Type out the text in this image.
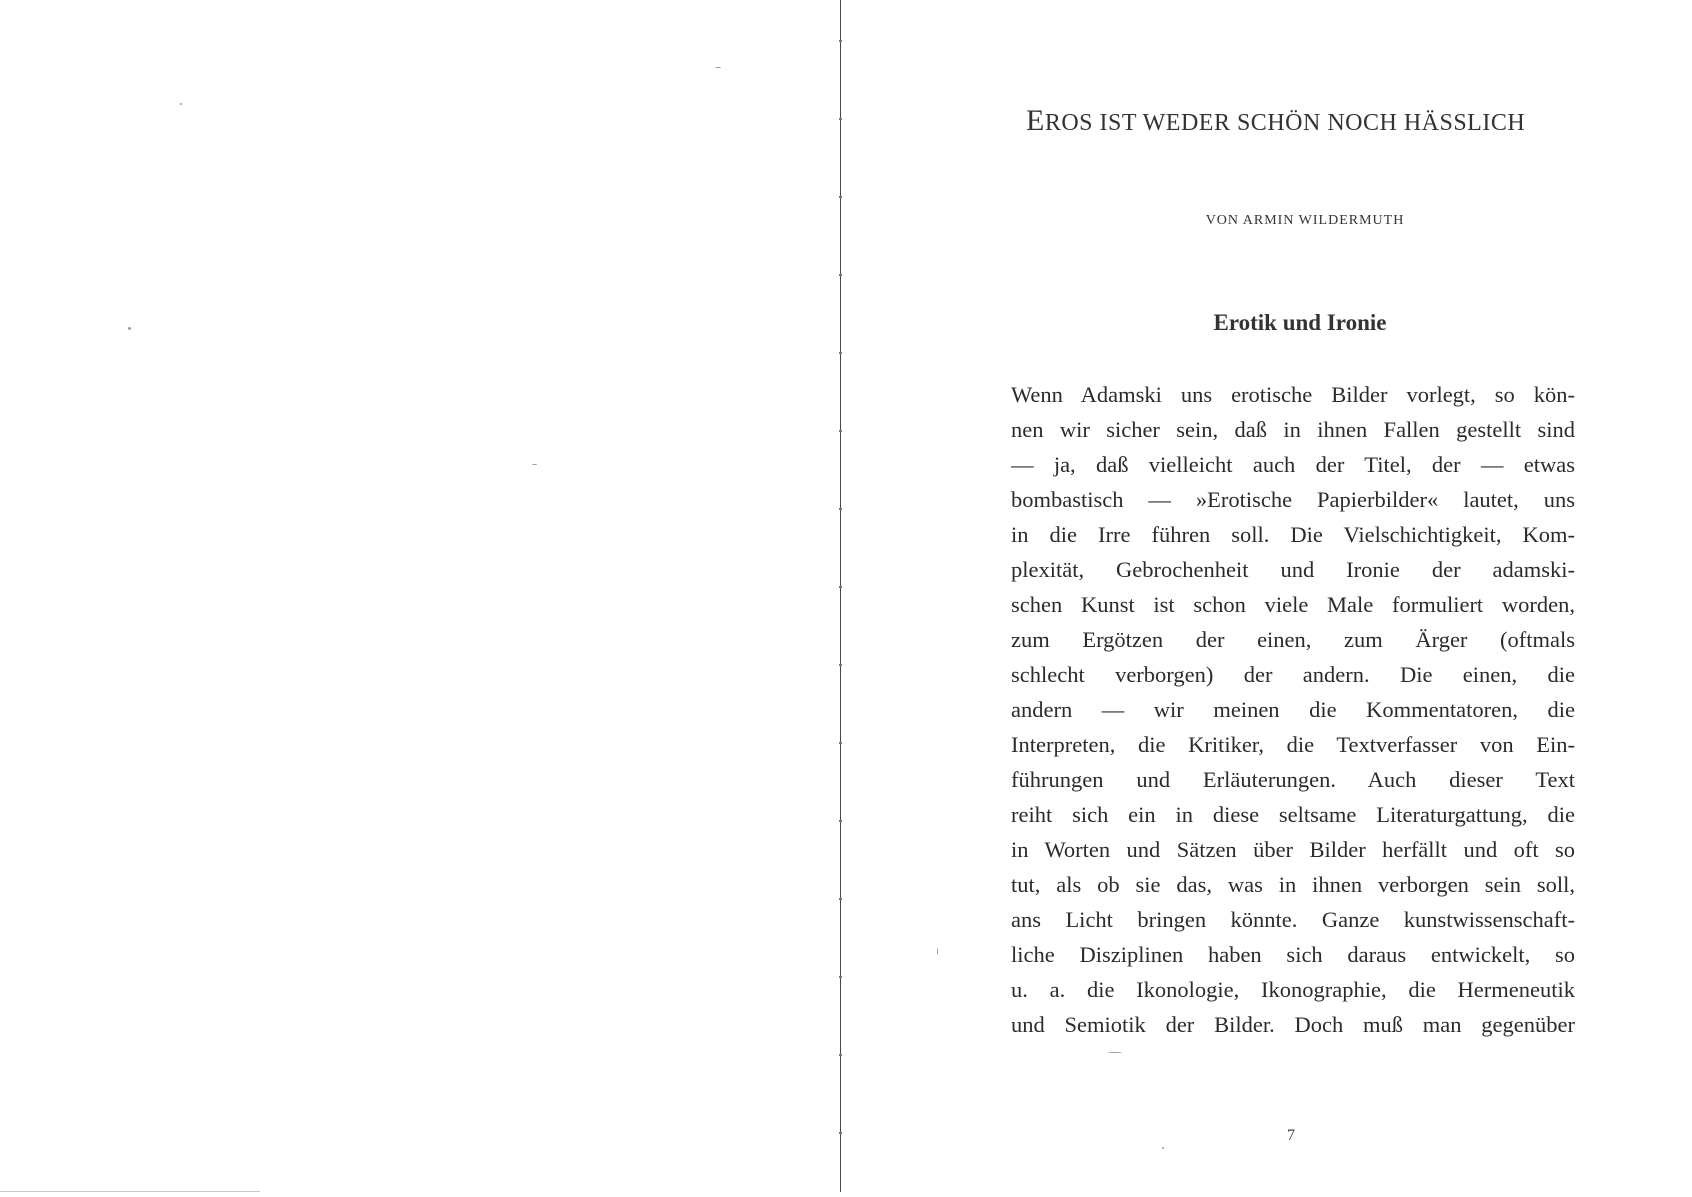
EROS IST WEDER SCHÖN NOCH HÄSSLICH
VON ARMIN WILDERMUTH
Erotik und Ironie
Wenn Adamski uns erotische Bilder vorlegt, so kön-
nen wir sicher sein, daß in ihnen Fallen gestellt sind
— ja, daß vielleicht auch der Titel, der — etwas
bombastisch — »Erotische Papierbilder« lautet, uns
in die Irre führen soll. Die Vielschichtigkeit, Kom-
plexität, Gebrochenheit und Ironie der adamski-
schen Kunst ist schon viele Male formuliert worden,
zum Ergötzen der einen, zum Ärger (oftmals
schlecht verborgen) der andern. Die einen, die
andern — wir meinen die Kommentatoren, die
Interpreten, die Kritiker, die Textverfasser von Ein-
führungen und Erläuterungen. Auch dieser Text
reiht sich ein in diese seltsame Literaturgattung, die
in Worten und Sätzen über Bilder herfällt und oft so
tut, als ob sie das, was in ihnen verborgen sein soll,
ans Licht bringen könnte. Ganze kunstwissenschaft-
liche Disziplinen haben sich daraus entwickelt, so
u. a. die Ikonologie, Ikonographie, die Hermeneutik
und Semiotik der Bilder. Doch muß man gegenüber
7
